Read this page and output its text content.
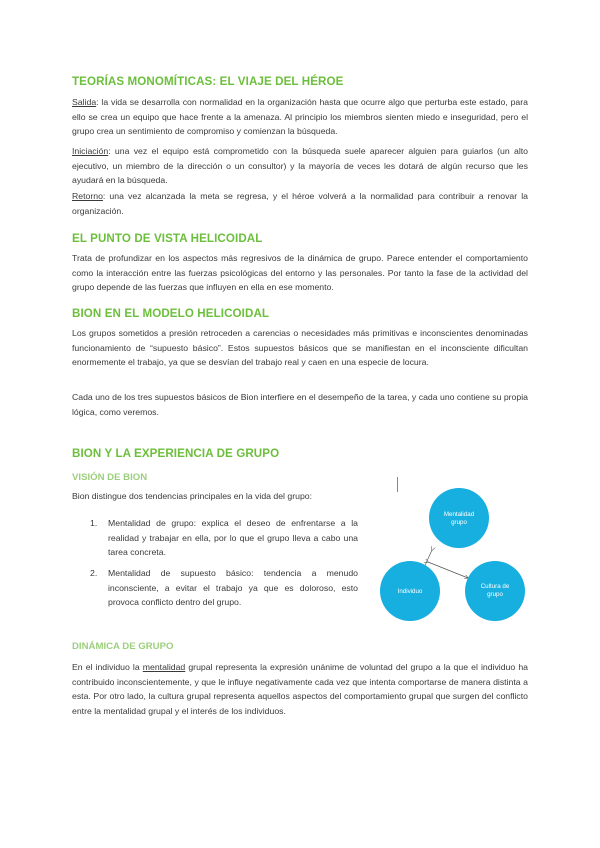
TEORÍAS MONOMÍTICAS: EL VIAJE DEL HÉROE
Salida: la vida se desarrolla con normalidad en la organización hasta que ocurre algo que perturba este estado, para ello se crea un equipo que hace frente a la amenaza. Al principio los miembros sienten miedo e inseguridad, pero el grupo crea un sentimiento de compromiso y comienzan la búsqueda.
Iniciación: una vez el equipo está comprometido con la búsqueda suele aparecer alguien para guiarlos (un alto ejecutivo, un miembro de la dirección o un consultor) y la mayoría de veces les dotará de algún recurso que les ayudará en la búsqueda.
Retorno: una vez alcanzada la meta se regresa, y el héroe volverá a la normalidad para contribuir a renovar la organización.
EL PUNTO DE VISTA HELICOIDAL
Trata de profundizar en los aspectos más regresivos de la dinámica de grupo. Parece entender el comportamiento como la interacción entre las fuerzas psicológicas del entorno y las personales. Por tanto la fase de la actividad del grupo depende de las fuerzas que influyen en ella en ese momento.
BION EN EL MODELO HELICOIDAL
Los grupos sometidos a presión retroceden a carencias o necesidades más primitivas e inconscientes denominadas funcionamiento de “supuesto básico”. Estos supuestos básicos que se manifiestan en el inconsciente dificultan enormemente el trabajo, ya que se desvían del trabajo real y caen en una especie de locura.
Cada uno de los tres supuestos básicos de Bion interfiere en el desempeño de la tarea, y cada uno contiene su propia lógica, como veremos.
BION Y LA EXPERIENCIA DE GRUPO
VISIÓN DE BION
Bion distingue dos tendencias principales en la vida del grupo:
1. Mentalidad de grupo: explica el deseo de enfrentarse a la realidad y trabajar en ella, por lo que el grupo lleva a cabo una tarea concreta.
2. Mentalidad de supuesto básico: tendencia a menudo inconsciente, a evitar el trabajo ya que es doloroso, esto provoca conflicto dentro del grupo.
Mentalidad
grupo
Individuo
Cultura de
grupo
DINÁMICA DE GRUPO
En el individuo la mentalidad grupal representa la expresión unánime de voluntad del grupo a la que el individuo ha contribuido inconscientemente, y que le influye negativamente cada vez que intenta comportarse de manera distinta a esta. Por otro lado, la cultura grupal representa aquellos aspectos del comportamiento grupal que surgen del conflicto entre la mentalidad grupal y el interés de los individuos.
